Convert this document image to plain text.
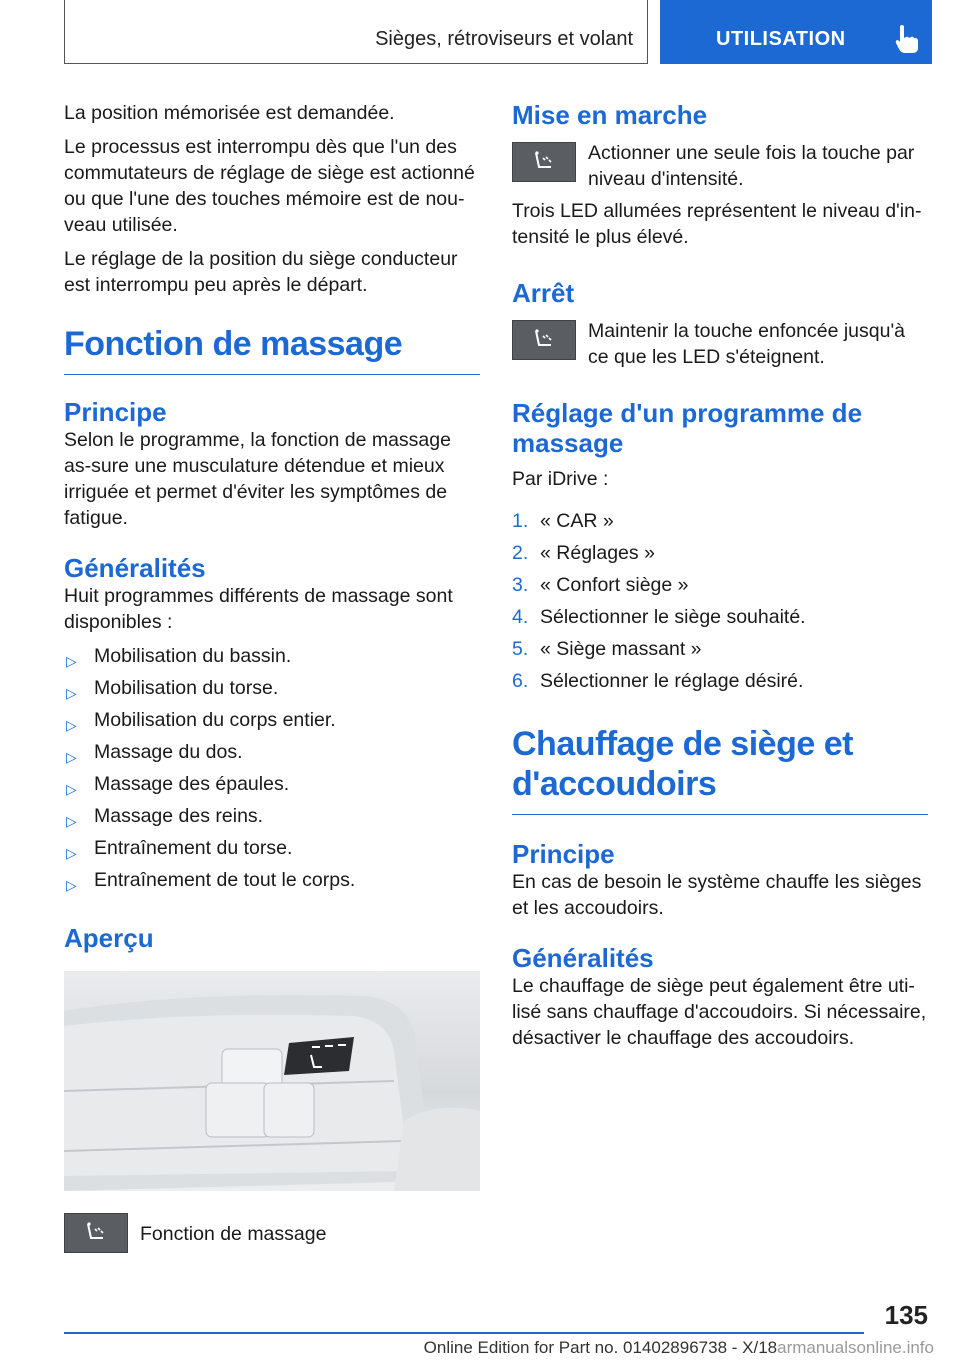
Sièges, rétroviseurs et volant	UTILISATION

La position mémorisée est demandée.

Le processus est interrompu dès que l'un des commutateurs de réglage de siège est actionné ou que l'une des touches mémoire est de nou-veau utilisée.

Le réglage de la position du siège conducteur est interrompu peu après le départ.

Fonction de massage
Principe

Selon le programme, la fonction de massage as-sure une musculature détendue et mieux irriguée et permet d'éviter les symptômes de fatigue.

Généralités

Huit programmes différents de massage sont disponibles :

▷ Mobilisation du bassin.
▷ Mobilisation du torse.
▷ Mobilisation du corps entier.
▷ Massage du dos.
▷ Massage des épaules.
▷ Massage des reins.
▷ Entraînement du torse.
▷ Entraînement de tout le corps.
Aperçu

Fonction de massage

Mise en marche

Actionner une seule fois la touche par niveau d'intensité.

Trois LED allumées représentent le niveau d'in-tensité le plus élevé.

Arrêt

Maintenir la touche enfoncée jusqu'à ce que les LED s'éteignent.

Réglage d'un programme de massage

Par iDrive :

1. « CAR »
2. « Réglages »
3. « Confort siège »
4. Sélectionner le siège souhaité.
5. « Siège massant »
6. Sélectionner le réglage désiré.
Chauffage de siège et d'accoudoirs
Principe

En cas de besoin le système chauffe les sièges et les accoudoirs.

Généralités

Le chauffage de siège peut également être uti-lisé sans chauffage d'accoudoirs. Si nécessaire, désactiver le chauffage des accoudoirs.

135
Online Edition for Part no. 01402896738 - X/18armanualsonline.info
